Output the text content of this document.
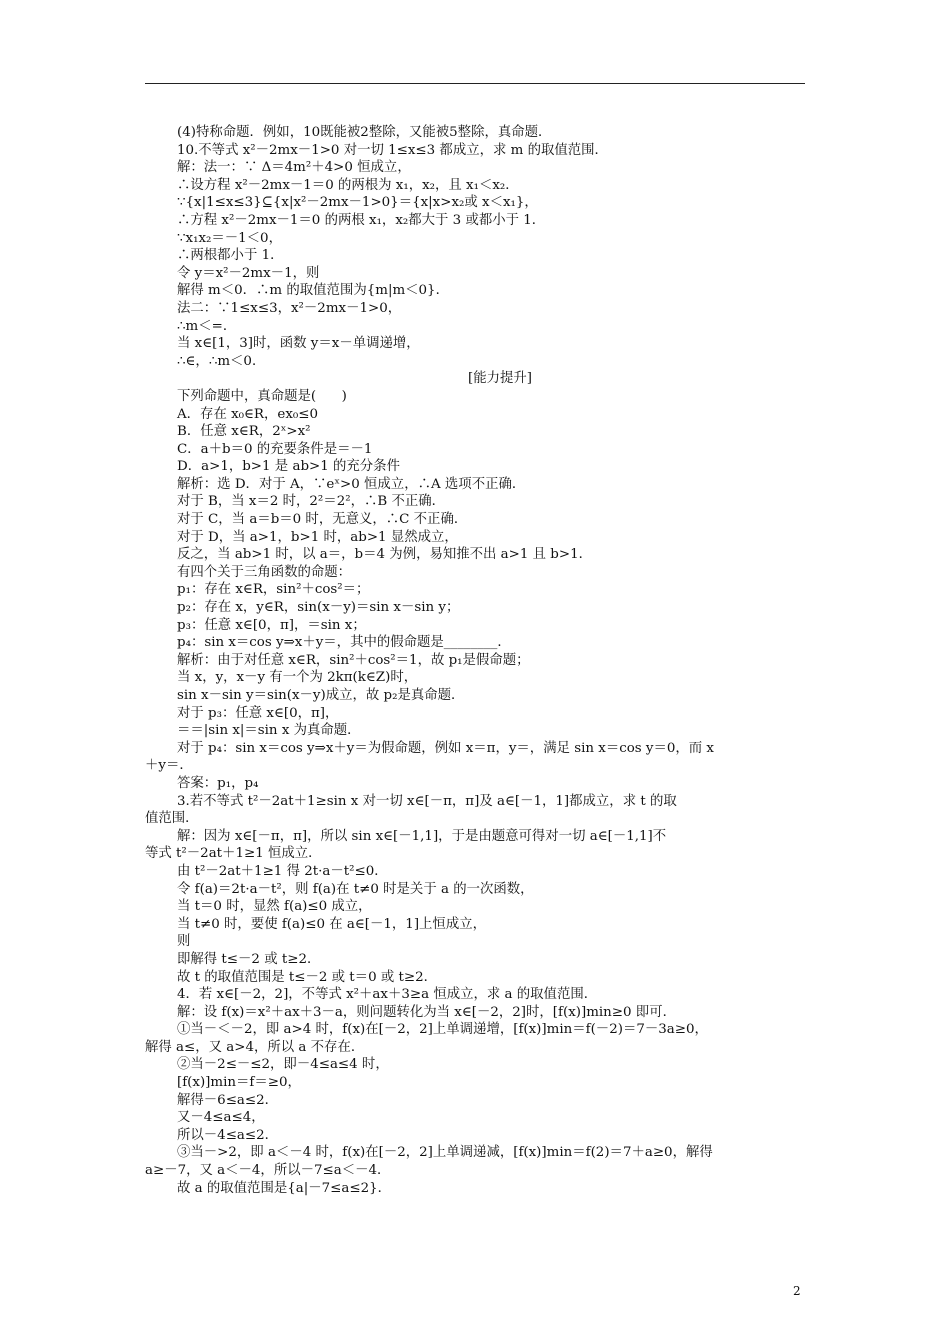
(4)特称命题．例如，10既能被2整除，又能被5整除，真命题．
10.不等式 x²－2mx－1>0 对一切 1≤x≤3 都成立，求 m 的取值范围．
解：法一：∵ Δ＝4m²＋4>0 恒成立，
∴设方程 x²－2mx－1＝0 的两根为 x₁，x₂，且 x₁＜x₂．
∵{x|1≤x≤3}⊆{x|x²－2mx－1>0}＝{x|x>x₂或 x＜x₁}，
∴方程 x²－2mx－1＝0 的两根 x₁，x₂都大于 3 或都小于 1．
∵x₁x₂＝－1＜0，
∴两根都小于 1．
令 y＝x²－2mx－1，则
解得 m＜0．∴m 的取值范围为{m|m＜0}．
法二：∵1≤x≤3，x²－2mx－1>0，
∴m＜=．
当 x∈[1，3]时，函数 y＝x－单调递增，
∴∈，∴m＜0．
[能力提升]
下列命题中，真命题是(      )
A．存在 x₀∈R，ex₀≤0
B．任意 x∈R，2ˣ>x²
C．a＋b＝0 的充要条件是＝－1
D．a>1，b>1 是 ab>1 的充分条件
解析：选 D．对于 A，∵eˣ>0 恒成立，∴A 选项不正确．
对于 B，当 x＝2 时，2²＝2²，∴B 不正确．
对于 C，当 a＝b＝0 时，无意义，∴C 不正确．
对于 D，当 a>1，b>1 时，ab>1 显然成立，
反之，当 ab>1 时，以 a＝，b＝4 为例，易知推不出 a>1 且 b>1．
有四个关于三角函数的命题：
p₁：存在 x∈R，sin²＋cos²＝；
p₂：存在 x，y∈R，sin(x－y)＝sin x－sin y；
p₃：任意 x∈[0，π]，＝sin x；
p₄：sin x＝cos y⇒x＋y＝，其中的假命题是________．
解析：由于对任意 x∈R，sin²＋cos²＝1，故 p₁是假命题；
当 x，y，x－y 有一个为 2kπ(k∈Z)时，
sin x－sin y＝sin(x－y)成立，故 p₂是真命题．
对于 p₃：任意 x∈[0，π]，
＝＝|sin x|＝sin x 为真命题．
对于 p₄：sin x＝cos y⇒x＋y＝为假命题，例如 x＝π，y＝，满足 sin x＝cos y＝0，而 x
＋y＝．
答案：p₁，p₄
3.若不等式 t²－2at＋1≥sin x 对一切 x∈[－π，π]及 a∈[－1，1]都成立，求 t 的取
值范围．
解：因为 x∈[－π，π]，所以 sin x∈[－1,1]，于是由题意可得对一切 a∈[－1,1]不
等式 t²－2at＋1≥1 恒成立．
由 t²－2at＋1≥1 得 2t·a－t²≤0．
令 f(a)＝2t·a－t²，则 f(a)在 t≠0 时是关于 a 的一次函数，
当 t＝0 时，显然 f(a)≤0 成立，
当 t≠0 时，要使 f(a)≤0 在 a∈[－1，1]上恒成立，
则
即解得 t≤－2 或 t≥2．
故 t 的取值范围是 t≤－2 或 t＝0 或 t≥2．
4．若 x∈[－2，2]，不等式 x²＋ax＋3≥a 恒成立，求 a 的取值范围．
解：设 f(x)＝x²＋ax＋3－a，则问题转化为当 x∈[－2，2]时，[f(x)]min≥0 即可．
①当－＜－2，即 a>4 时，f(x)在[－2，2]上单调递增，[f(x)]min＝f(－2)＝7－3a≥0，
解得 a≤，又 a>4，所以 a 不存在．
②当－2≤－≤2，即－4≤a≤4 时，
[f(x)]min＝f＝≥0，
解得－6≤a≤2．
又－4≤a≤4，
所以－4≤a≤2．
③当－>2，即 a＜－4 时，f(x)在[－2，2]上单调递减，[f(x)]min＝f(2)＝7＋a≥0，解得
a≥－7，又 a＜－4，所以－7≤a＜－4．
故 a 的取值范围是{a|－7≤a≤2}．
2
